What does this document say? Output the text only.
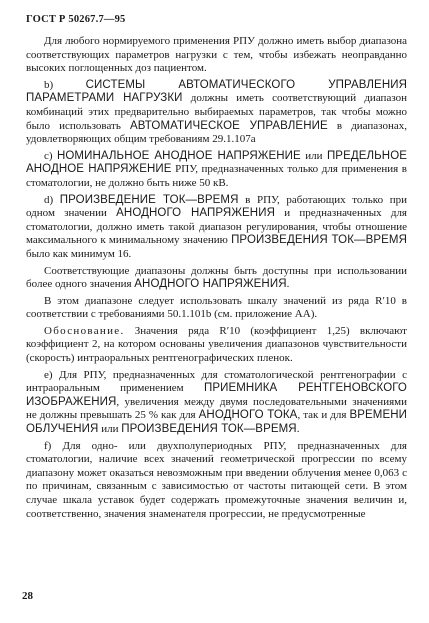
ГОСТ Р 50267.7—95

Для любого нормируемого применения РПУ должно иметь выбор диапазона соответствующих параметров нагрузки с тем, чтобы избежать неоправданно высоких поглощенных доз пациентом.

b) СИСТЕМЫ АВТОМАТИЧЕСКОГО УПРАВЛЕНИЯ ПАРАМЕТРАМИ НАГРУЗКИ должны иметь соответствующий диапазон комбинаций этих предварительно выбираемых параметров, так чтобы можно было использовать АВТОМАТИЧЕСКОЕ УПРАВЛЕНИЕ в диапазонах, удовлетворяющих общим требованиям 29.1.107а

c) НОМИНАЛЬНОЕ АНОДНОЕ НАПРЯЖЕНИЕ или ПРЕДЕЛЬНОЕ АНОДНОЕ НАПРЯЖЕНИЕ РПУ, предназначенных только для применения в стоматологии, не должно быть ниже 50 кВ.

d) ПРОИЗВЕДЕНИЕ ТОК—ВРЕМЯ в РПУ, работающих только при одном значении АНОДНОГО НАПРЯЖЕНИЯ и предназначенных для стоматологии, должно иметь такой диапазон регулирования, чтобы отношение максимального к минимальному значению ПРОИЗВЕДЕНИЯ ТОК—ВРЕМЯ было как минимум 16.

Соответствующие диапазоны должны быть доступны при использовании более одного значения АНОДНОГО НАПРЯЖЕНИЯ.

В этом диапазоне следует использовать шкалу значений из ряда R′10 в соответствии с требованиями 50.1.101b (см. приложение АА).

Обоснование. Значения ряда R′10 (коэффициент 1,25) включают коэффициент 2, на котором основаны увеличения диапазонов чувствительности (скорость) интраоральных рентгенографических пленок.

e) Для РПУ, предназначенных для стоматологической рентгенографии с интраоральным применением ПРИЕМНИКА РЕНТГЕНОВСКОГО ИЗОБРАЖЕНИЯ, увеличения между двумя последовательными значениями не должны превышать 25 % как для АНОДНОГО ТОКА, так и для ВРЕМЕНИ ОБЛУЧЕНИЯ или ПРОИЗВЕДЕНИЯ ТОК—ВРЕМЯ.

f) Для одно- или двухполупериодных РПУ, предназначенных для стоматологии, наличие всех значений геометрической прогрессии по всему диапазону может оказаться невозможным при введении облучения менее 0,063 с по причинам, связанным с зависимостью от частоты питающей сети. В этом случае шкала уставок будет содержать промежуточные значения величин и, соответственно, значения знаменателя прогрессии, не предусмотренные

28
